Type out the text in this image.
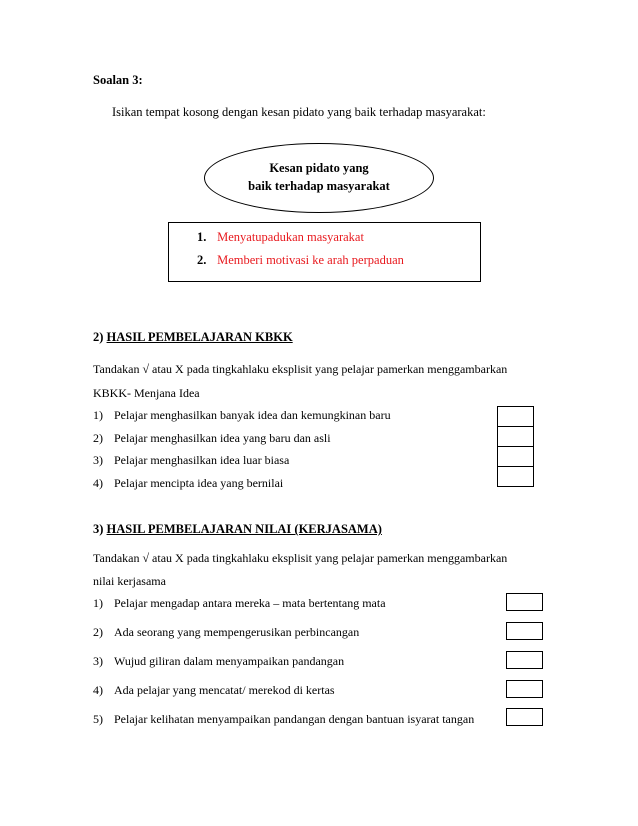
Soalan 3:
Isikan tempat kosong dengan kesan pidato yang baik terhadap masyarakat:
Kesan pidato yang
baik terhadap masyarakat
1. Menyatupadukan masyarakat
2. Memberi motivasi ke arah perpaduan
2) HASIL PEMBELAJARAN KBKK
Tandakan √ atau X pada tingkahlaku eksplisit yang pelajar pamerkan menggambarkan
KBKK- Menjana Idea
1) Pelajar menghasilkan banyak idea dan kemungkinan baru
2) Pelajar menghasilkan idea yang baru dan asli
3) Pelajar menghasilkan idea luar biasa
4) Pelajar mencipta idea yang bernilai
3) HASIL PEMBELAJARAN NILAI (KERJASAMA)
Tandakan √ atau X pada tingkahlaku eksplisit yang pelajar pamerkan menggambarkan
nilai kerjasama
1) Pelajar mengadap antara mereka – mata bertentang mata
2) Ada seorang yang mempengerusikan perbincangan
3) Wujud giliran dalam menyampaikan pandangan
4) Ada pelajar yang mencatat/ merekod di kertas
5) Pelajar kelihatan menyampaikan pandangan dengan bantuan isyarat tangan
